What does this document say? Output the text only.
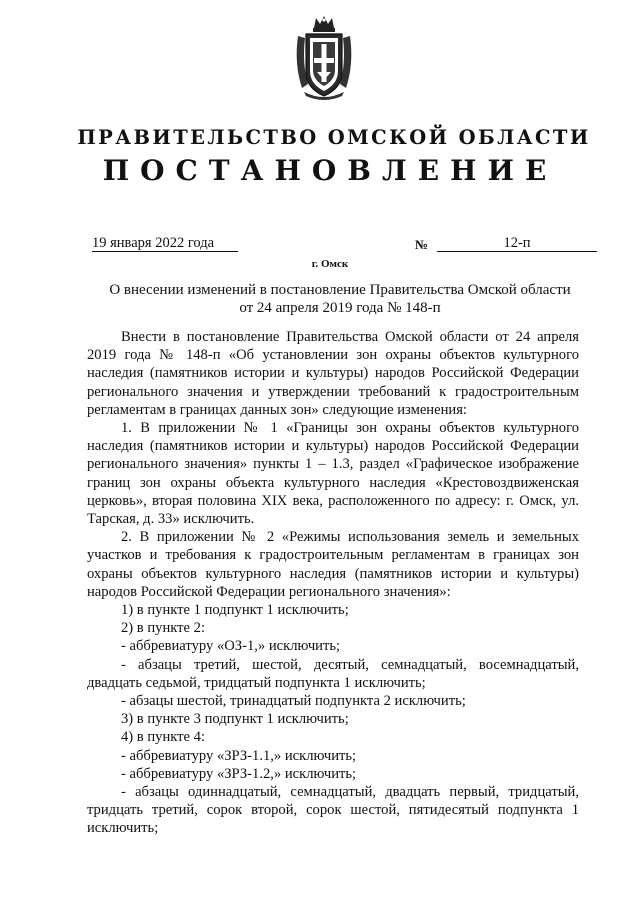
ПРАВИТЕЛЬСТВО ОМСКОЙ ОБЛАСТИ
ПОСТАНОВЛЕНИЕ
19 января 2022 года	№	12-п
г. Омск
О внесении изменений в постановление Правительства Омской области
от 24 апреля 2019 года № 148-п

Внести в постановление Правительства Омской области от 24 апреля 2019 года № 148-п «Об установлении зон охраны объектов культурного наследия (памятников истории и культуры) народов Российской Федерации регионального значения и утверждении требований к градостроительным регламентам в границах данных зон» следующие изменения:

1. В приложении № 1 «Границы зон охраны объектов культурного наследия (памятников истории и культуры) народов Российской Федерации регионального значения» пункты 1 – 1.3, раздел «Графическое изображение границ зон охраны объекта культурного наследия «Крестовоздвиженская церковь», вторая половина XIX века, расположенного по адресу: г. Омск, ул. Тарская, д. 33» исключить.

2. В приложении № 2 «Режимы использования земель и земельных участков и требования к градостроительным регламентам в границах зон охраны объектов культурного наследия (памятников истории и культуры) народов Российской Федерации регионального значения»:

1) в пункте 1 подпункт 1 исключить;

2) в пункте 2:

- аббревиатуру «ОЗ-1,» исключить;

- абзацы третий, шестой, десятый, семнадцатый, восемнадцатый, двадцать седьмой, тридцатый подпункта 1 исключить;

- абзацы шестой, тринадцатый подпункта 2 исключить;

3) в пункте 3 подпункт 1 исключить;

4) в пункте 4:

- аббревиатуру «ЗРЗ-1.1,» исключить;

- аббревиатуру «ЗРЗ-1.2,» исключить;

- абзацы одиннадцатый, семнадцатый, двадцать первый, тридцатый, тридцать третий, сорок второй, сорок шестой, пятидесятый подпункта 1 исключить;
